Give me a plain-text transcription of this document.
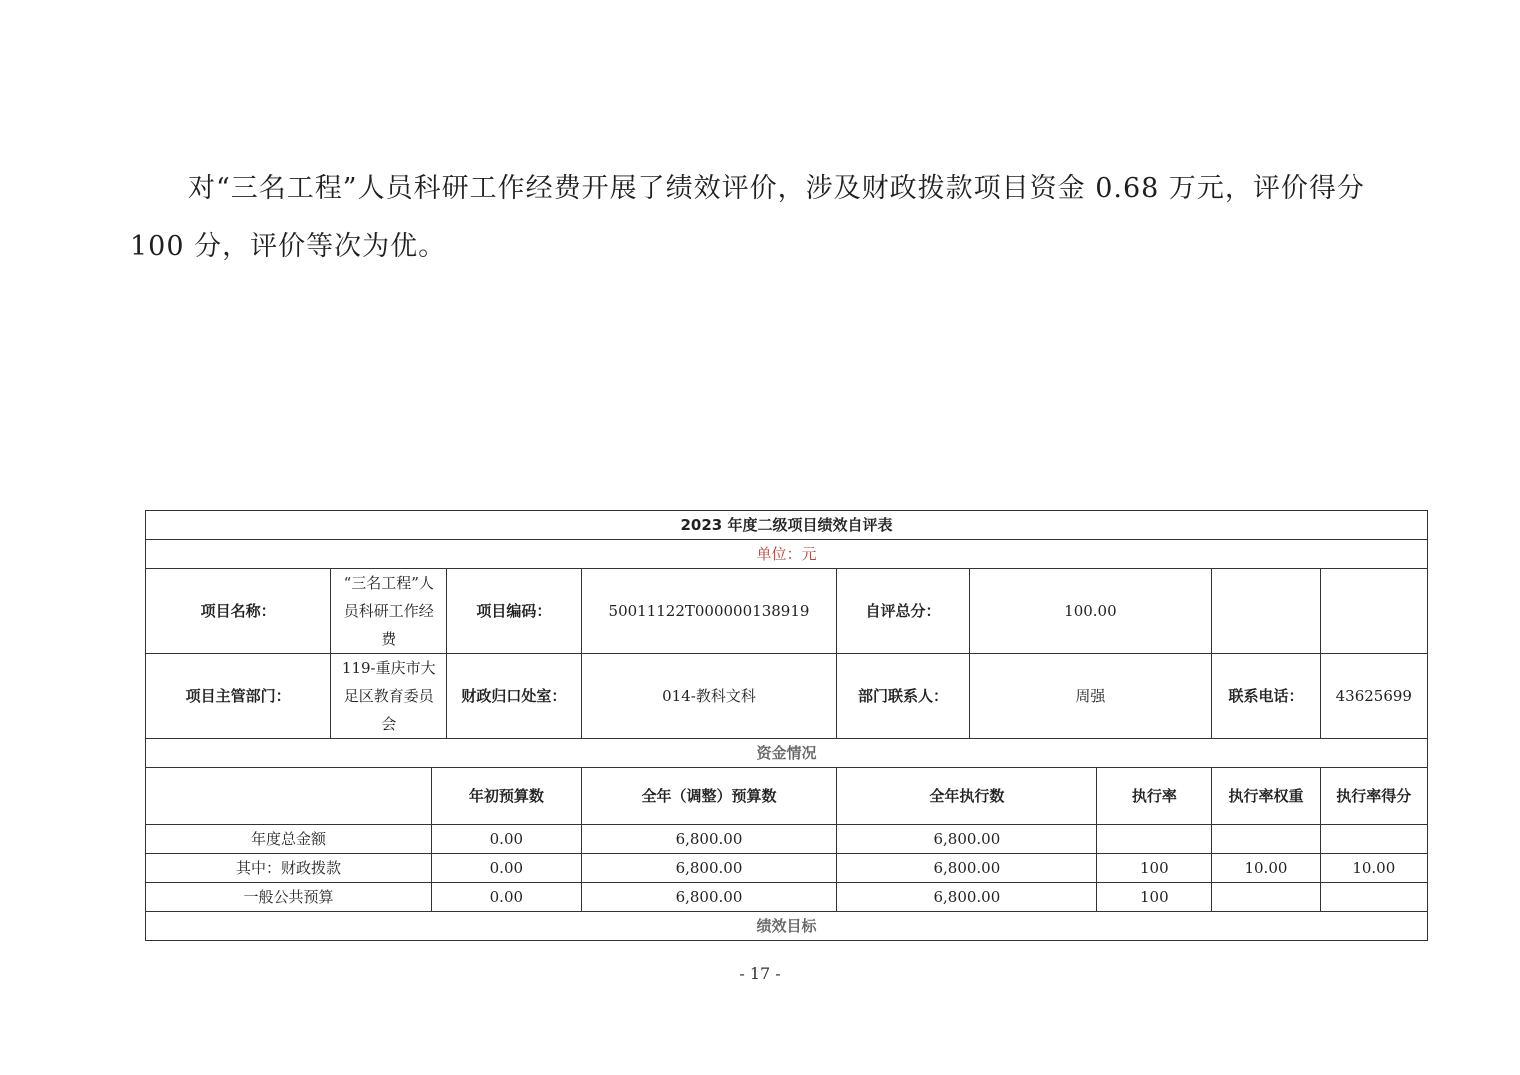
对“三名工程”人员科研工作经费开展了绩效评价，涉及财政拨款项目资金 0.68 万元，评价得分 100 分，评价等次为优。

2023 年度二级项目绩效自评表									
单位：元									
项目名称：	“三名工程”人员科研工作经费		项目编码：	50011122T000000138919	自评总分：	100.00			
项目主管部门：	119-重庆市大足区教育委员会		财政归口处室：	014-教科文科	部门联系人：	周强		联系电话：	43625699
资金情况									
		年初预算数		全年（调整）预算数	全年执行数		执行率	执行率权重	执行率得分
年度总金额		0.00		6,800.00	6,800.00				
其中：财政拨款		0.00		6,800.00	6,800.00		100	10.00	10.00
一般公共预算		0.00		6,800.00	6,800.00		100		
绩效目标									
- 17 -
